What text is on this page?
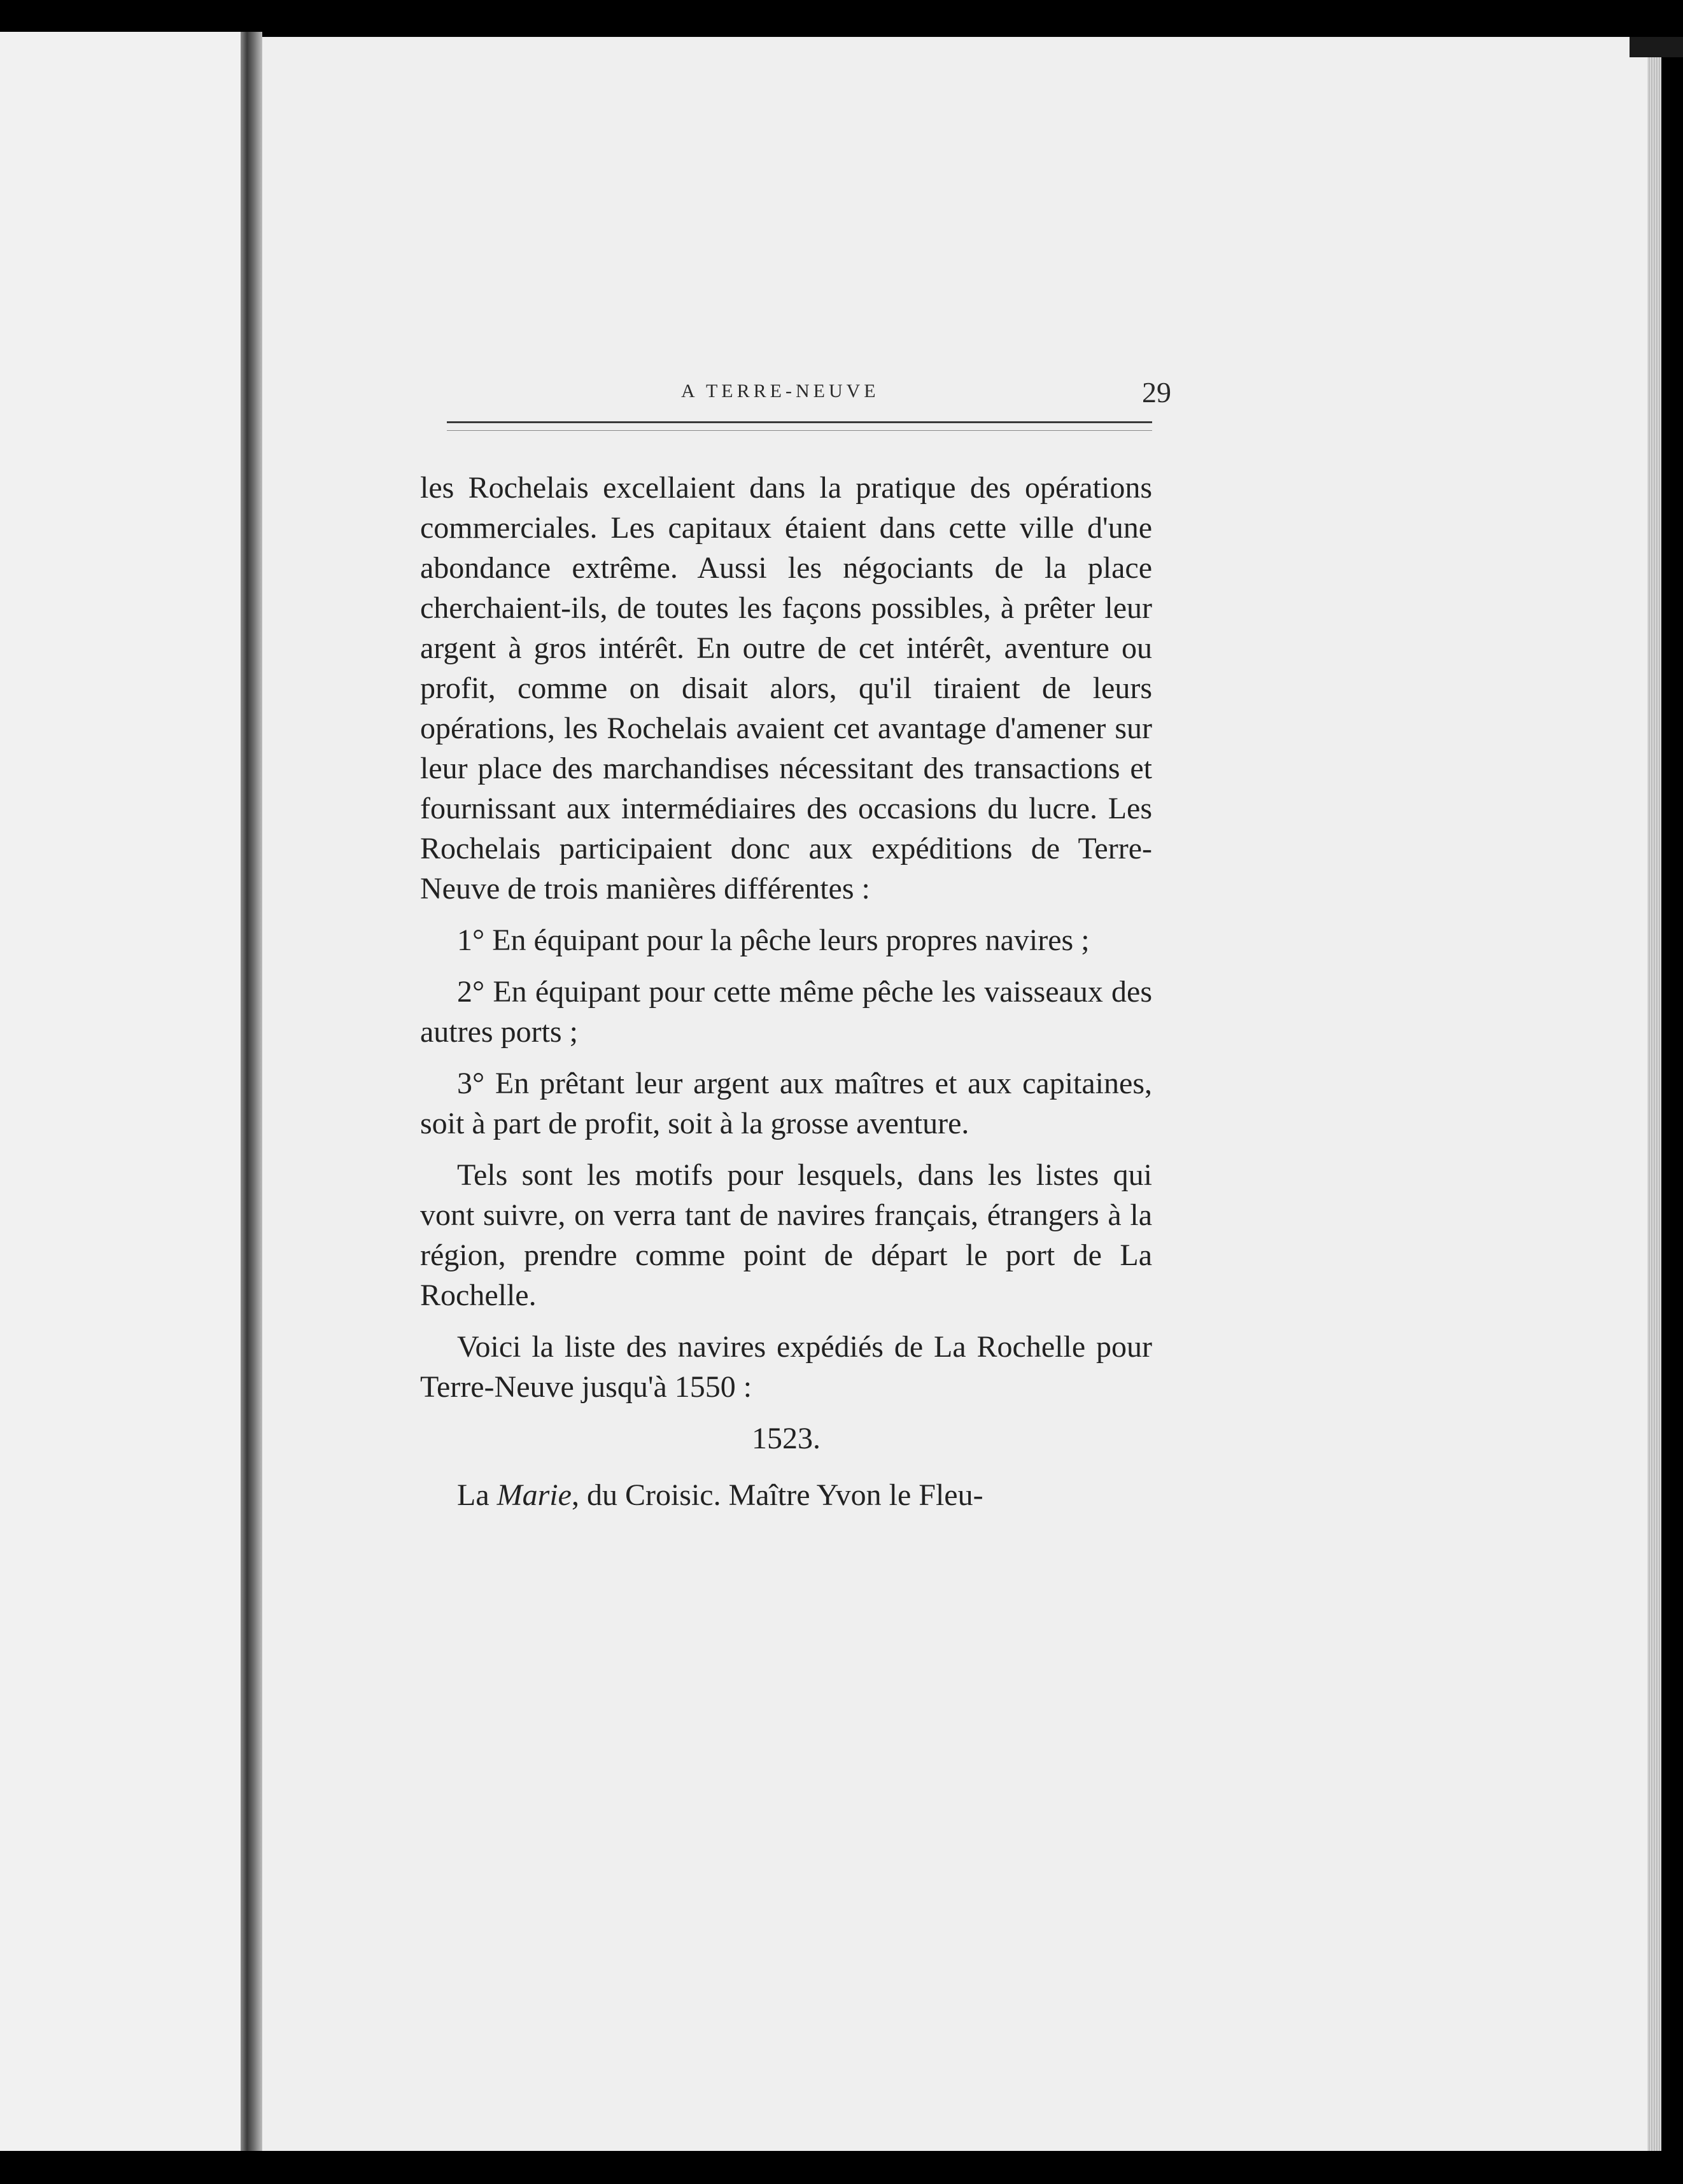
A TERRE-NEUVE	29

les Rochelais excellaient dans la pratique des opérations commerciales. Les capitaux étaient dans cette ville d'une abondance extrême. Aussi les négociants de la place cherchaient-ils, de toutes les façons possibles, à prêter leur argent à gros intérêt. En outre de cet intérêt, aventure ou profit, comme on disait alors, qu'il tiraient de leurs opérations, les Rochelais avaient cet avantage d'amener sur leur place des marchandises nécessitant des transactions et fournissant aux intermédiaires des occasions du lucre. Les Rochelais participaient donc aux expéditions de Terre-Neuve de trois manières différentes :

1° En équipant pour la pêche leurs propres navires ;

2° En équipant pour cette même pêche les vaisseaux des autres ports ;

3° En prêtant leur argent aux maîtres et aux capitaines, soit à part de profit, soit à la grosse aventure.

Tels sont les motifs pour lesquels, dans les listes qui vont suivre, on verra tant de navires français, étrangers à la région, prendre comme point de départ le port de La Rochelle.

Voici la liste des navires expédiés de La Rochelle pour Terre-Neuve jusqu'à 1550 :

1523.

La Marie, du Croisic. Maître Yvon le Fleu-
